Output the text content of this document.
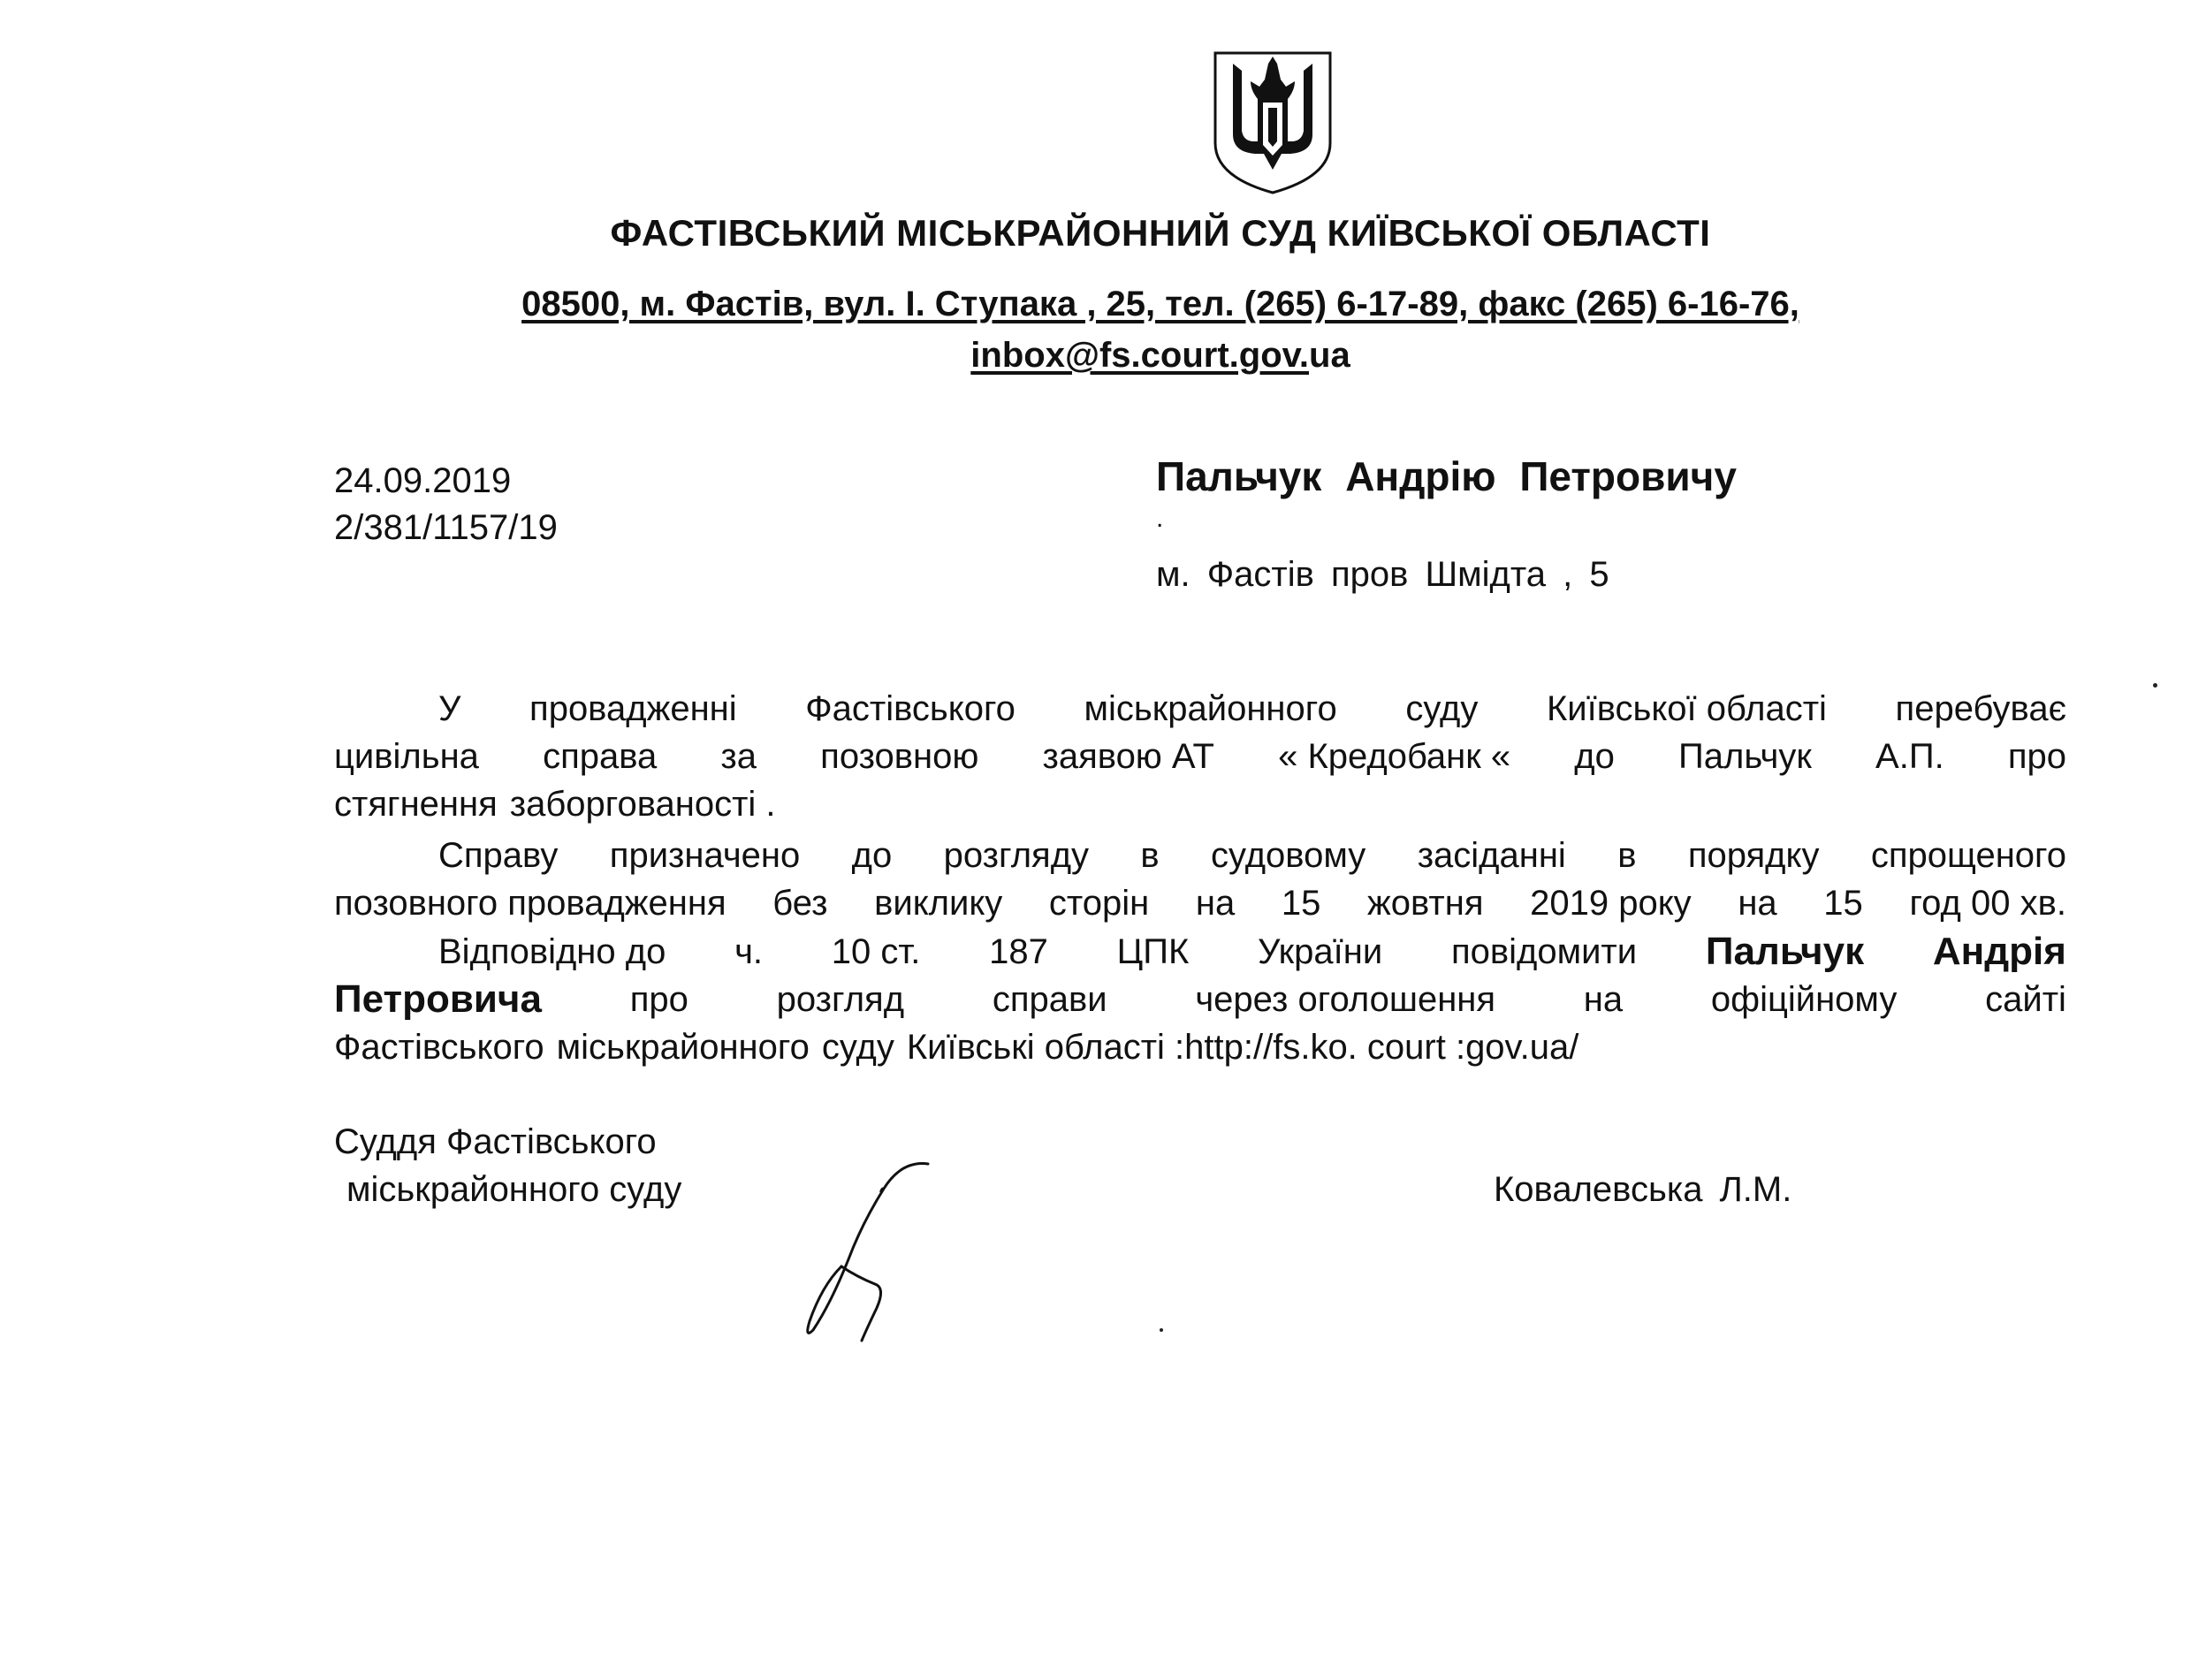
ФАСТІВСЬКИЙ МІСЬКРАЙОННИЙ СУД КИЇВСЬКОЇ ОБЛАСТІ
08500, м. Фастів, вул. І. Ступака , 25, тел. (265) 6-17-89, факс (265) 6-16-76,
inbox@fs.court.gov.ua
24.09.2019
2/381/1157/19
Пальчук Андрію Петровичу
.
м. Фастів пров Шмідта , 5
У провадженні Фастівського міськрайонного суду Київської області перебуває
цивільна справа за позовною заявою АТ « Кредобанк « до Пальчук А.П. про
стягнення заборгованості .
Справу призначено до розгляду в судовому засіданні в порядку спрощеного
позовного провадження без виклику сторін на 15 жовтня 2019 року на 15 год 00 хв.
Відповідно до ч. 10 ст. 187 ЦПК України повідомити Пальчук Андрія
Петровича про розгляд справи через оголошення на офіційному сайті
Фастівського міськрайонного суду Київські області :http://fs.ko. court :gov.ua/
Суддя Фастівського
міськрайонного суду	Ковалевська Л.М.
